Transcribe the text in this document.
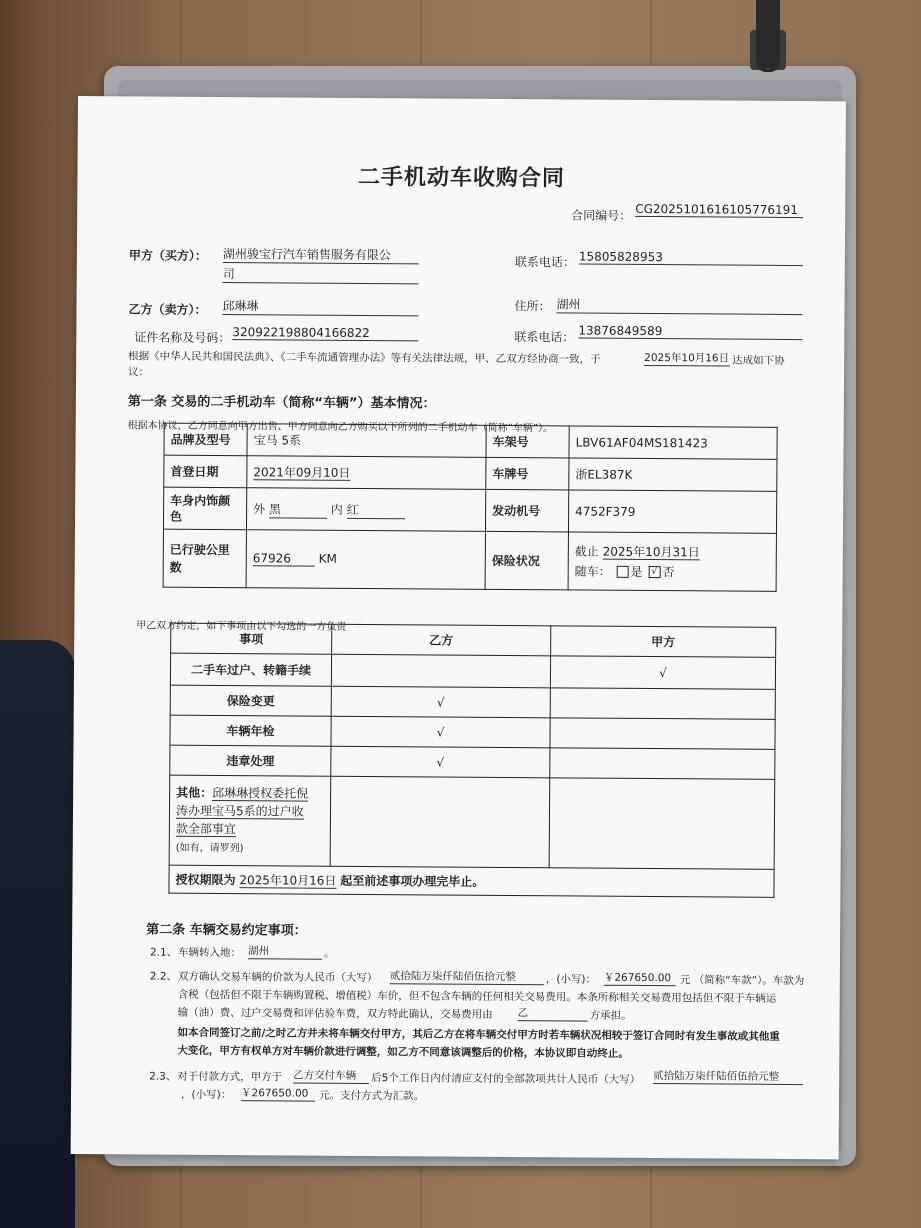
二手机动车收购合同
合同编号： CG2025101616105776191
甲方（买方）： 湖州骏宝行汽车销售服务有限公
司
联系电话： 15805828953
乙方（卖方）： 邱琳琳	住所： 湖州
证件名称及号码： 320922198804166822	联系电话： 13876849589
根据《中华人民共和国民法典》、《二手车流通管理办法》等有关法律法规，甲、乙双方经协商一致，于	2025年10月16日 达成如下协
议：
第一条 交易的二手机动车（简称“车辆”）基本情况：
根据本协议，乙方同意向甲方出售、甲方同意向乙方购买以下所列的二手机动车（简称“车辆”）。
品牌及型号	宝马 5系	车架号	LBV61AF04MS181423
首登日期	2021年09月10日	车牌号	浙EL387K
车身内饰颜色	外 黑 内 红	发动机号	4752F379
已行驶公里数	67926 KM	保险状况	截止 2025年10月31日
随车： 是 √ 否
甲乙双方约定，如下事项由以下勾选的一方负责
事项	乙方	甲方
二手车过户、转籍手续		√
保险变更	√	
车辆年检	√	
违章处理	√	
其他：邱琳琳授权委托倪
涛办理宝马5系的过户收
款全部事宜
(如有，请罗列)		
授权期限为 2025年10月16日 起至前述事项办理完毕止。		
第二条 车辆交易约定事项：
2.1、 车辆转入地： 湖州	。
2.2、 双方确认交易车辆的价款为人民币（大写） 贰拾陆万柒仟陆佰伍拾元整	，(小写)： ￥267650.00 元 （简称“车款”）。车款为
含税（包括但不限于车辆购置税、增值税）车价，但不包含车辆的任何相关交易费用。本条所称相关交易费用包括但不限于车辆运
输（油）费、过户交易费和评估验车费，双方特此确认，交易费用由 乙	方承担。
如本合同签订之前/之时乙方并未将车辆交付甲方，其后乙方在将车辆交付甲方时若车辆状况相较于签订合同时有发生事故或其他重
大变化，甲方有权单方对车辆价款进行调整，如乙方不同意该调整后的价格，本协议即自动终止。
2.3、 对于付款方式，甲方于 乙方交付车辆	后5个工作日内付清应支付的全部款项共计人民币（大写） 贰拾陆万柒仟陆佰伍拾元整
，(小写)： ￥267650.00	元。支付方式为汇款。
